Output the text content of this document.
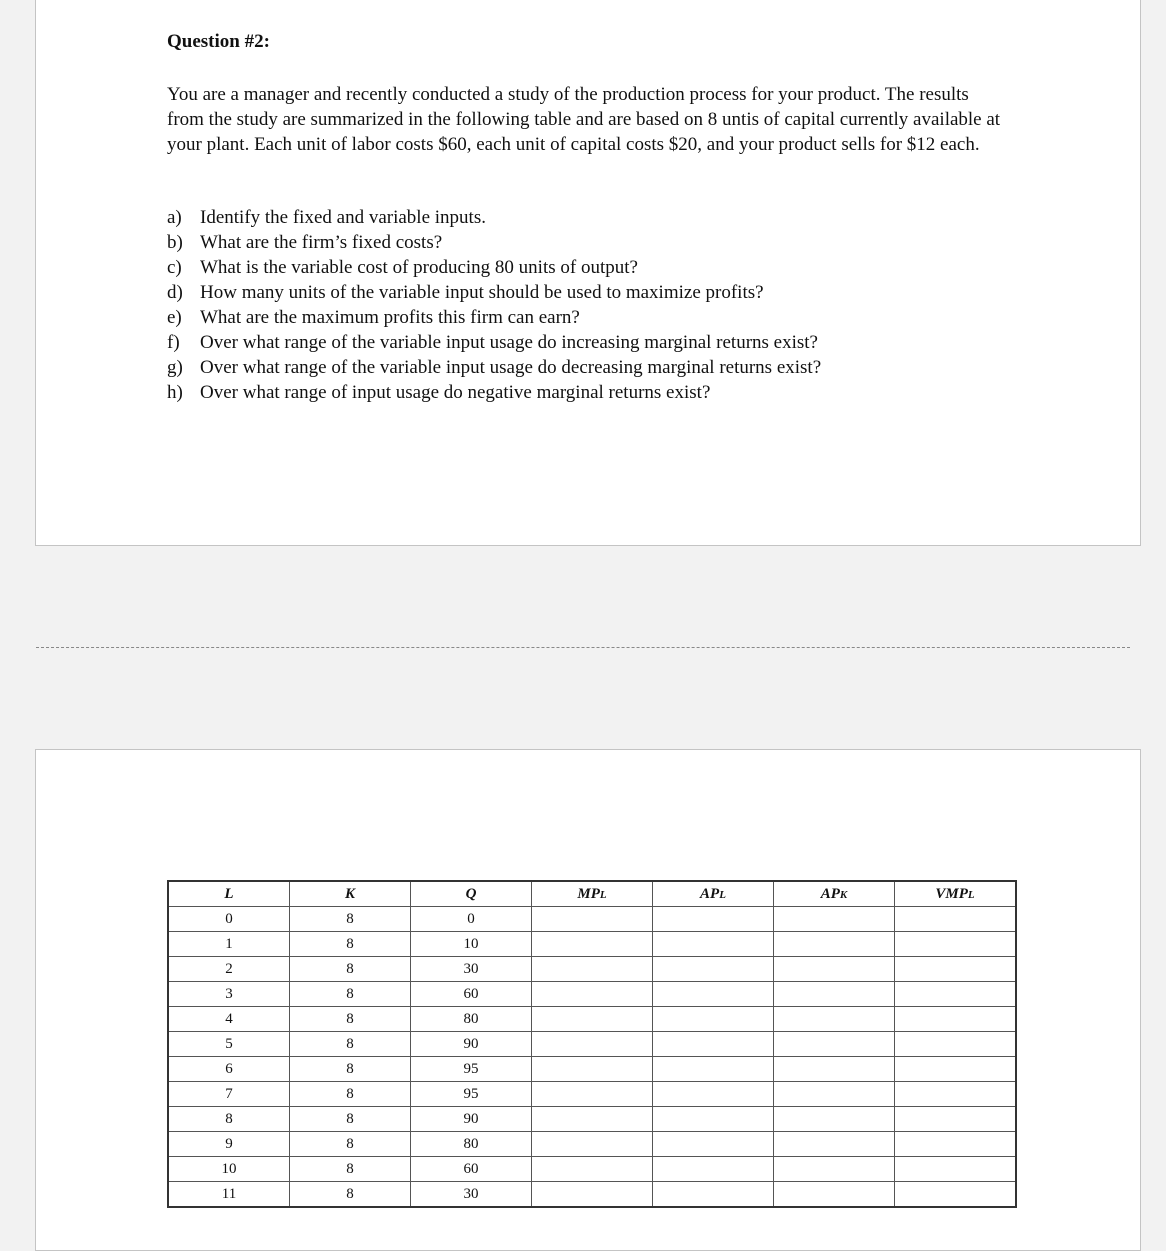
Question #2:

You are a manager and recently conducted a study of the production process for your product. The results from the study are summarized in the following table and are based on 8 untis of capital currently available at your plant. Each unit of labor costs $60, each unit of capital costs $20, and your product sells for $12 each.

a) Identify the fixed and variable inputs.
b) What are the firm’s fixed costs?
c) What is the variable cost of producing 80 units of output?
d) How many units of the variable input should be used to maximize profits?
e) What are the maximum profits this firm can earn?
f)	Over what range of the variable input usage do increasing marginal returns exist?
g) Over what range of the variable input usage do decreasing marginal returns exist?
h) Over what range of input usage do negative marginal returns exist?
L	K	Q	MPL	APL	APK	VMPL
0	8	0				
1	8	10				
2	8	30				
3	8	60				
4	8	80				
5	8	90				
6	8	95				
7	8	95				
8	8	90				
9	8	80				
10	8	60				
11	8	30				
